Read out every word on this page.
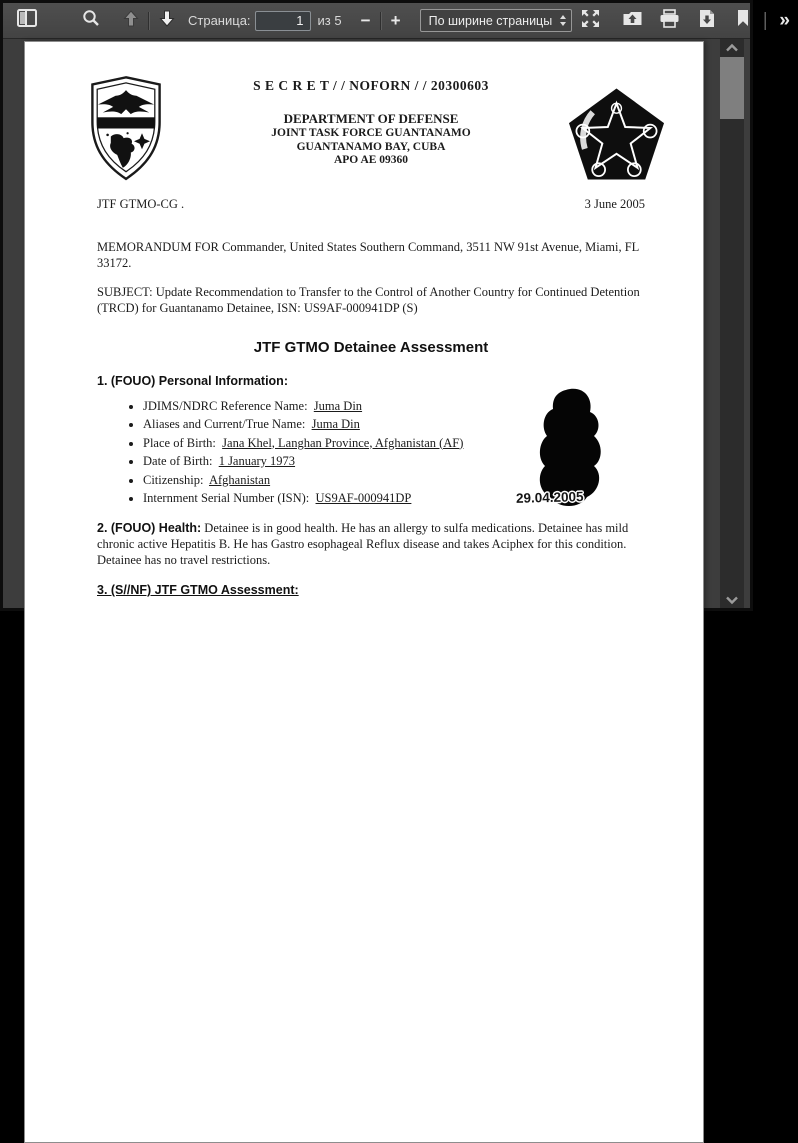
Страница:
1	из 5 − + По ширине страницы	»
29.04.2005
S E C R E T / / NOFORN / / 20300603
DEPARTMENT OF DEFENSE
JOINT TASK FORCE GUANTANAMO
GUANTANAMO BAY, CUBA
APO AE 09360
JTF GTMO-CG .	3 June 2005
MEMORANDUM FOR Commander, United States Southern Command, 3511 NW 91st Avenue, Miami, FL 33172.
SUBJECT: Update Recommendation to Transfer to the Control of Another Country for Continued Detention (TRCD) for Guantanamo Detainee, ISN: US9AF-000941DP (S)
JTF GTMO Detainee Assessment
1. (FOUO) Personal Information:
• JDIMS/NDRC Reference Name: Juma Din
• Aliases and Current/True Name: Juma Din
• Place of Birth: Jana Khel, Langhan Province, Afghanistan (AF)
• Date of Birth: 1 January 1973
• Citizenship: Afghanistan
• Internment Serial Number (ISN): US9AF-000941DP
2. (FOUO) Health: Detainee is in good health. He has an allergy to sulfa medications. Detainee has mild chronic active Hepatitis B. He has Gastro esophageal Reflux disease and takes Aciphex for this condition. Detainee has no travel restrictions.
3. (S//NF) JTF GTMO Assessment:
